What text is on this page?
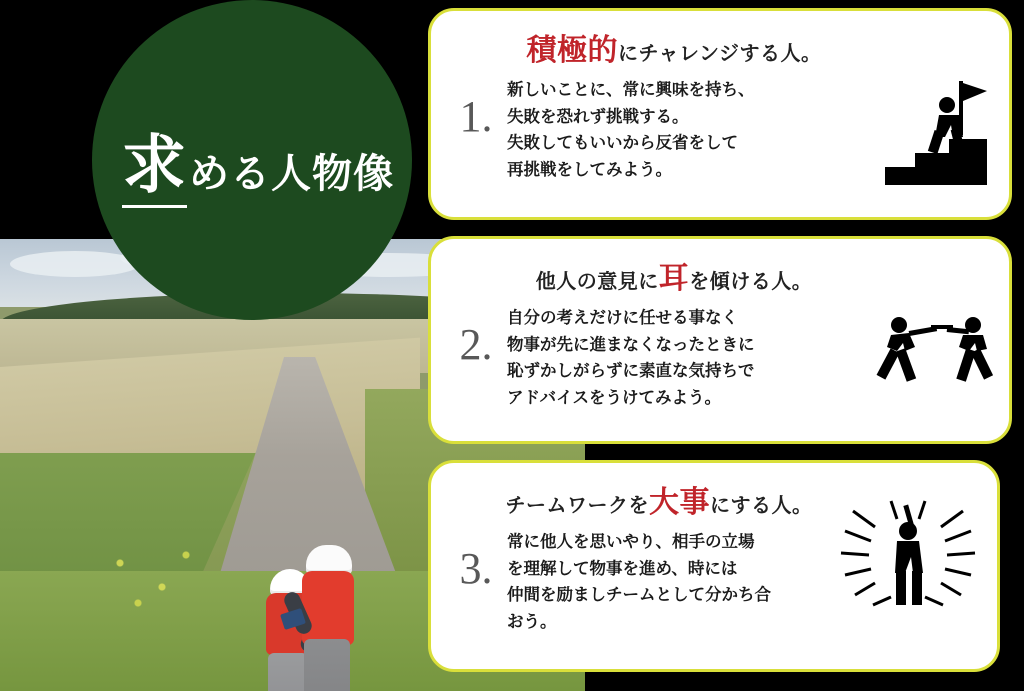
求める人物像
積極的にチャレンジする人。
1.
新しいことに、常に興味を持ち、
失敗を恐れず挑戦する。
失敗してもいいから反省をして
再挑戦をしてみよう。
他人の意見に耳を傾ける人。
2.
自分の考えだけに任せる事なく
物事が先に進まなくなったときに
恥ずかしがらずに素直な気持ちで
アドバイスをうけてみよう。
チームワークを大事にする人。
3.
常に他人を思いやり、相手の立場
を理解して物事を進め、時には
仲間を励ましチームとして分かち合
おう。
